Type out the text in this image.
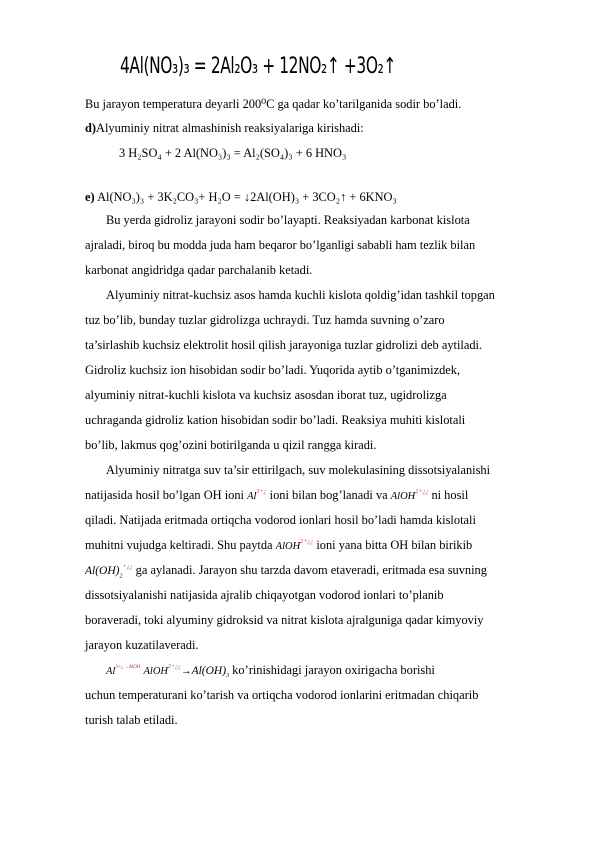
4Al(NO₃)₃ = 2Al₂O₃ + 12NO₂↑ +3O₂↑
Bu jarayon temperatura deyarli 200⁰C ga qadar ko’tarilganida sodir bo’ladi.
d)Alyuminiy nitrat almashinish reaksiyalariga kirishadi:
3 H₂SO₄ + 2 Al(NO₃)₃ = Al₂(SO₄)₃ + 6 HNO₃
e) Al(NO₃)₃ + 3K₂CO₃+ H₂O = ↓2Al(OH)₃ + 3CO₂↑ + 6KNO₃
Bu yerda gidroliz jarayoni sodir bo’layapti. Reaksiyadan karbonat kislota
ajraladi, biroq bu modda juda ham beqaror bo’lganligi sababli ham tezlik bilan
karbonat angidridga qadar parchalanib ketadi.
Alyuminiy nitrat-kuchsiz asos hamda kuchli kislota qoldig’idan tashkil topgan
tuz bo’lib, bunday tuzlar gidrolizga uchraydi. Tuz hamda suvning o’zaro
ta’sirlashib kuchsiz elektrolit hosil qilish jarayoniga tuzlar gidrolizi deb aytiladi.
Gidroliz kuchsiz ion hisobidan sodir bo’ladi. Yuqorida aytib o’tganimizdek,
alyuminiy nitrat-kuchli kislota va kuchsiz asosdan iborat tuz, ugidrolizga
uchraganda gidroliz kation hisobidan sodir bo’ladi. Reaksiya muhiti kislotali
bo’lib, lakmus qog’ozini botirilganda u qizil rangga kiradi.
Alyuminiy nitratga suv ta’sir ettirilgach, suv molekulasining dissotsiyalanishi
natijasida hosil bo’lgan OH ioni $Al^{3+¿}$ ioni bilan bog’lanadi va AlOH$^{2+¿¿}$ ni hosil
qiladi. Natijada eritmada ortiqcha vodorod ionlari hosil bo’ladi hamda kislotali
muhitni vujudga keltiradi. Shu paytda AlOH$^{2+¿¿}$ ioni yana bitta OH bilan birikib
$Al(OH)_2^{+¿¿}$ ga aylanadi. Jarayon shu tarzda davom etaveradi, eritmada esa suvning
dissotsiyalanishi natijasida ajralib chiqayotgan vodorod ionlari to’planib
boraveradi, toki alyuminy gidroksid va nitrat kislota ajralguniga qadar kimyoviy
jarayon kuzatilaveradi.
$Al^{3+¿\to AlOH}$ $AlOH^{2+¿¿}\to Al(OH)_3$ ko’rinishidagi jarayon oxirigacha borishi
uchun temperaturani ko’tarish va ortiqcha vodorod ionlarini eritmadan chiqarib
turish talab etiladi.
